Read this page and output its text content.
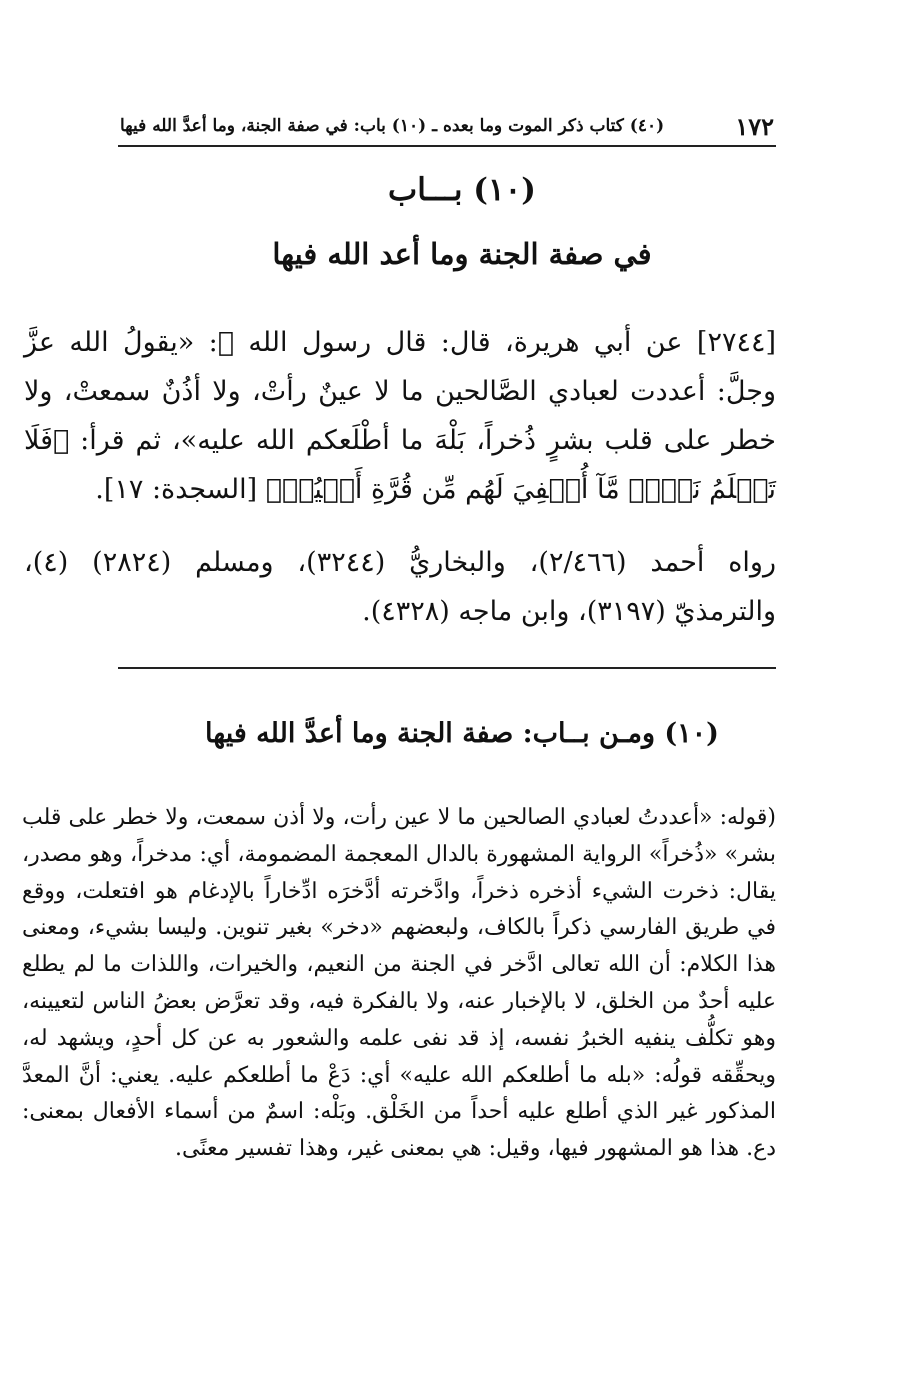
١٧٢
(٤٠) كتاب ذكر الموت وما بعده ـ (١٠) باب: في صفة الجنة، وما أعدَّ الله فيها
(١٠) بـــاب
في صفة الجنة وما أعد الله فيها

[٢٧٤٤] عن أبي هريرة، قال: قال رسول الله ﷺ: «يقولُ الله عزَّ وجلَّ: أعددت لعبادي الصَّالحين ما لا عينٌ رأتْ، ولا أذُنٌ سمعتْ، ولا خطر على قلب بشرٍ ذُخراً، بَلْهَ ما أطْلَعكم الله عليه»، ثم قرأ: ﴿فَلَا تَعۡلَمُ نَفۡسٞ مَّآ أُخۡفِيَ لَهُم مِّن قُرَّةِ أَعۡيُنٖ﴾ [السجدة: ١٧].

رواه أحمد (٢/٤٦٦)، والبخاريُّ (٣٢٤٤)، ومسلم (٢٨٢٤) (٤)، والترمذيّ (٣١٩٧)، وابن ماجه (٤٣٢٨).

(١٠) ومـن بــاب: صفة الجنة وما أعدَّ الله فيها

(قوله: «أعددتُ لعبادي الصالحين ما لا عين رأت، ولا أذن سمعت، ولا خطر على قلب بشر» «ذُخراً» الرواية المشهورة بالدال المعجمة المضمومة، أي: مدخراً، وهو مصدر، يقال: ذخرت الشيء أذخره ذخراً، وادَّخرته أدَّخرَه ادِّخاراً بالإدغام هو افتعلت، ووقع في طريق الفارسي ذكراً بالكاف، ولبعضهم «دخر» بغير تنوين. وليسا بشيء، ومعنى هذا الكلام: أن الله تعالى ادَّخر في الجنة من النعيم، والخيرات، واللذات ما لم يطلع عليه أحدٌ من الخلق، لا بالإخبار عنه، ولا بالفكرة فيه، وقد تعرَّض بعضُ الناس لتعيينه، وهو تكلُّف ينفيه الخبرُ نفسه، إذ قد نفى علمه والشعور به عن كل أحدٍ، ويشهد له، ويحقِّقه قولُه: «بله ما أطلعكم الله عليه» أي: دَعْ ما أطلعكم عليه. يعني: أنَّ المعدَّ المذكور غير الذي أطلع عليه أحداً من الخَلْق. وبَلْه: اسمٌ من أسماء الأفعال بمعنى: دع. هذا هو المشهور فيها، وقيل: هي بمعنى غير، وهذا تفسير معنًى.
